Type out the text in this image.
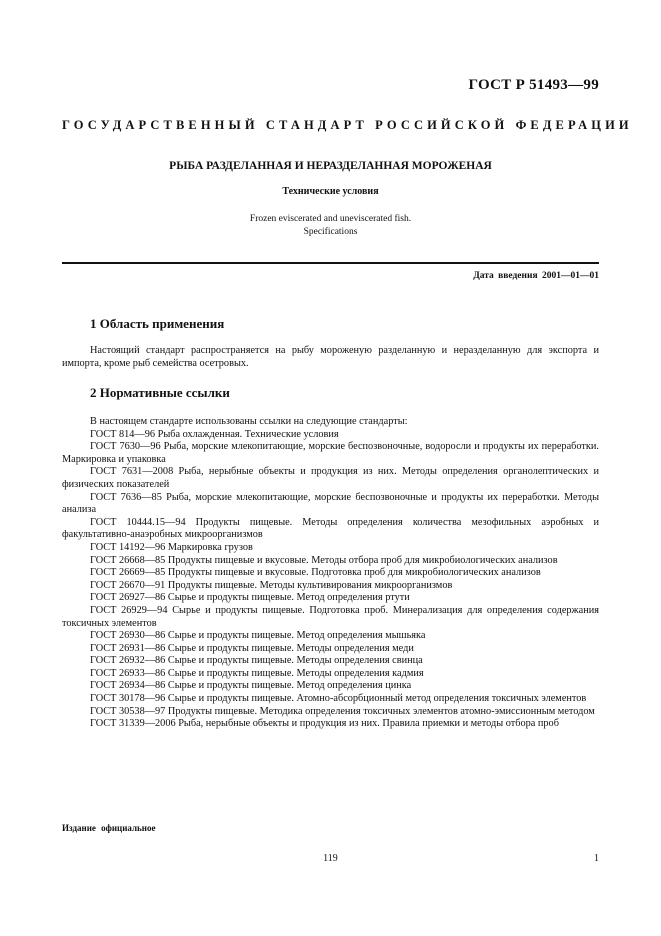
ГОСТ Р 51493—99
ГОСУДАРСТВЕННЫЙ СТАНДАРТ РОССИЙСКОЙ ФЕДЕРАЦИИ
РЫБА РАЗДЕЛАННАЯ И НЕРАЗДЕЛАННАЯ МОРОЖЕНАЯ
Технические условия
Frozen eviscerated and uneviscerated fish.
Specifications
Дата введения 2001—01—01
1 Область применения

Настоящий стандарт распространяется на рыбу мороженую разделанную и неразделанную для экспорта и импорта, кроме рыб семейства осетровых.

2 Нормативные ссылки

В настоящем стандарте использованы ссылки на следующие стандарты:

ГОСТ 814—96 Рыба охлажденная. Технические условия

ГОСТ 7630—96 Рыба, морские млекопитающие, морские беспозвоночные, водоросли и продукты их переработки. Маркировка и упаковка

ГОСТ 7631—2008 Рыба, нерыбные объекты и продукция из них. Методы определения органолептических и физических показателей

ГОСТ 7636—85 Рыба, морские млекопитающие, морские беспозвоночные и продукты их переработки. Методы анализа

ГОСТ 10444.15—94 Продукты пищевые. Методы определения количества мезофильных аэробных и факультативно-анаэробных микроорганизмов

ГОСТ 14192—96 Маркировка грузов

ГОСТ 26668—85 Продукты пищевые и вкусовые. Методы отбора проб для микробиологических анализов

ГОСТ 26669—85 Продукты пищевые и вкусовые. Подготовка проб для микробиологических анализов

ГОСТ 26670—91 Продукты пищевые. Методы культивирования микроорганизмов

ГОСТ 26927—86 Сырье и продукты пищевые. Метод определения ртути

ГОСТ 26929—94 Сырье и продукты пищевые. Подготовка проб. Минерализация для определения содержания токсичных элементов

ГОСТ 26930—86 Сырье и продукты пищевые. Метод определения мышьяка

ГОСТ 26931—86 Сырье и продукты пищевые. Методы определения меди

ГОСТ 26932—86 Сырье и продукты пищевые. Методы определения свинца

ГОСТ 26933—86 Сырье и продукты пищевые. Методы определения кадмия

ГОСТ 26934—86 Сырье и продукты пищевые. Метод определения цинка

ГОСТ 30178—96 Сырье и продукты пищевые. Атомно-абсорбционный метод определения токсичных элементов

ГОСТ 30538—97 Продукты пищевые. Методика определения токсичных элементов атомно-эмиссионным методом

ГОСТ 31339—2006 Рыба, нерыбные объекты и продукция из них. Правила приемки и методы отбора проб

Издание официальное
119	1
